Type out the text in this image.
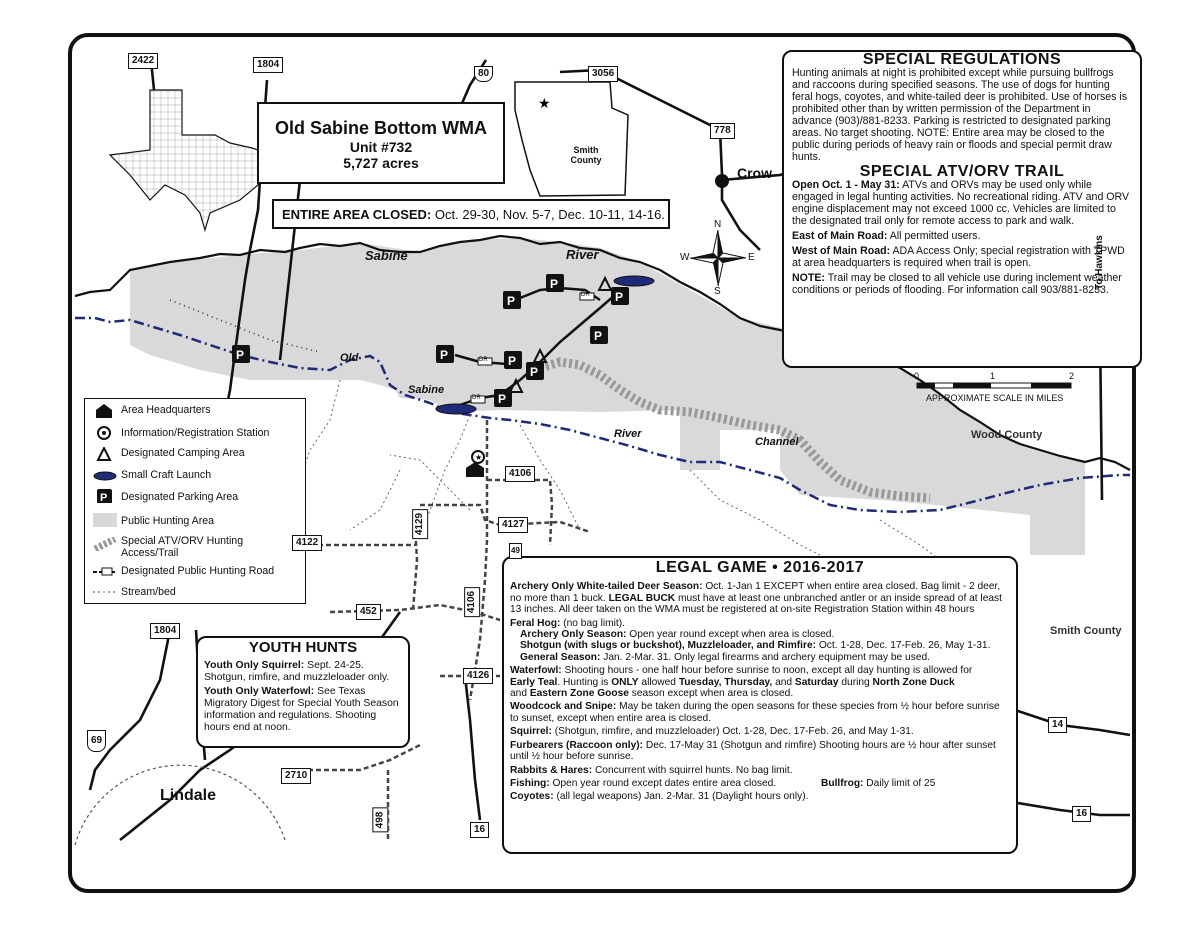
P
P
P
P
P
P	P
P
P
★
★
Old Sabine Bottom WMA
Unit #732
5,727 acres
Smith County
ENTIRE AREA CLOSED: Oct. 29-30, Nov. 5-7, Dec. 10-11, 14-16.
SPECIAL REGULATIONS

Hunting animals at night is prohibited except while pursuing bullfrogs and raccoons during specified seasons. The use of dogs for hunting feral hogs, coyotes, and white-tailed deer is prohibited. Use of horses is prohibited other than by written permission of the Department in advance (903)/881-8233. Parking is restricted to designated parking areas. No target shooting. NOTE: Entire area may be closed to the public during periods of heavy rain or floods and special permit draw hunts.

SPECIAL ATV/ORV TRAIL

Open Oct. 1 - May 31: ATVs and ORVs may be used only while engaged in legal hunting activities. No recreational riding. ATV and ORV engine displacement may not exceed 1000 cc. Vehicles are limited to the designated trail only for remote access to park and walk.

East of Main Road: All permitted users.

West of Main Road: ADA Access Only; special registration with TPWD at area headquarters is required when trail is open.

NOTE: Trail may be closed to all vehicle use during inclement weather conditions or periods of flooding. For information call 903/881-8233.

LEGAL GAME • 2016-2017

Archery Only White-tailed Deer Season: Oct. 1-Jan 1 EXCEPT when entire area closed. Bag limit - 2 deer, no more than 1 buck. LEGAL BUCK must have at least one unbranched antler or an inside spread of at least 13 inches. All deer taken on the WMA must be registered at on-site Registration Station within 48 hours

Feral Hog: (no bag limit).

Archery Only Season: Open year round except when area is closed.

Shotgun (with slugs or buckshot), Muzzleloader, and Rimfire: Oct. 1-28, Dec. 17-Feb. 26, May 1-31.

General Season: Jan. 2-Mar. 31. Only legal firearms and archery equipment may be used.

Waterfowl: Shooting hours - one half hour before sunrise to noon, except all day hunting is allowed for
Early Teal. Hunting is ONLY allowed Tuesday, Thursday, and Saturday during North Zone Duck
and Eastern Zone Goose season except when area is closed.

Woodcock and Snipe: May be taken during the open seasons for these species from ½ hour before sunrise to sunset, except when entire area is closed.

Squirrel: (Shotgun, rimfire, and muzzleloader) Oct. 1-28, Dec. 17-Feb. 26, and May 1-31.

Furbearers (Raccoon only): Dec. 17-May 31 (Shotgun and rimfire) Shooting hours are ½ hour after sunset until ½ hour before sunrise.

Rabbits & Hares: Concurrent with squirrel hunts. No bag limit.

Fishing: Open year round except dates entire area closed.	Bullfrog: Daily limit of 25

Coyotes: (all legal weapons) Jan. 2-Mar. 31 (Daylight hours only).

YOUTH HUNTS

Youth Only Squirrel: Sept. 24-25. Shotgun, rimfire, and muzzleloader only.

Youth Only Waterfowl: See Texas Migratory Digest for Special Youth Season information and regulations. Shooting hours end at noon.

Area Headquarters
Information/Registration Station
Designated Camping Area
Small Craft Launch
P Designated Parking Area
Public Hunting Area
Special ATV/ORV Hunting Access/Trail
Designated Public Hunting Road
Stream/bed
Sabine	River
Old
Sabine
River
Channel
Crow
Lindale
Wood County
Smith County
To Hawkins
N
S
E
W
0	1	2
APPROXIMATE SCALE IN MILES
DR
DR
DR
2422	1804
80	3056
778
4106
4129
4122
4127
49
452	4106
1804
4126
69
2710
498
16
14
16
